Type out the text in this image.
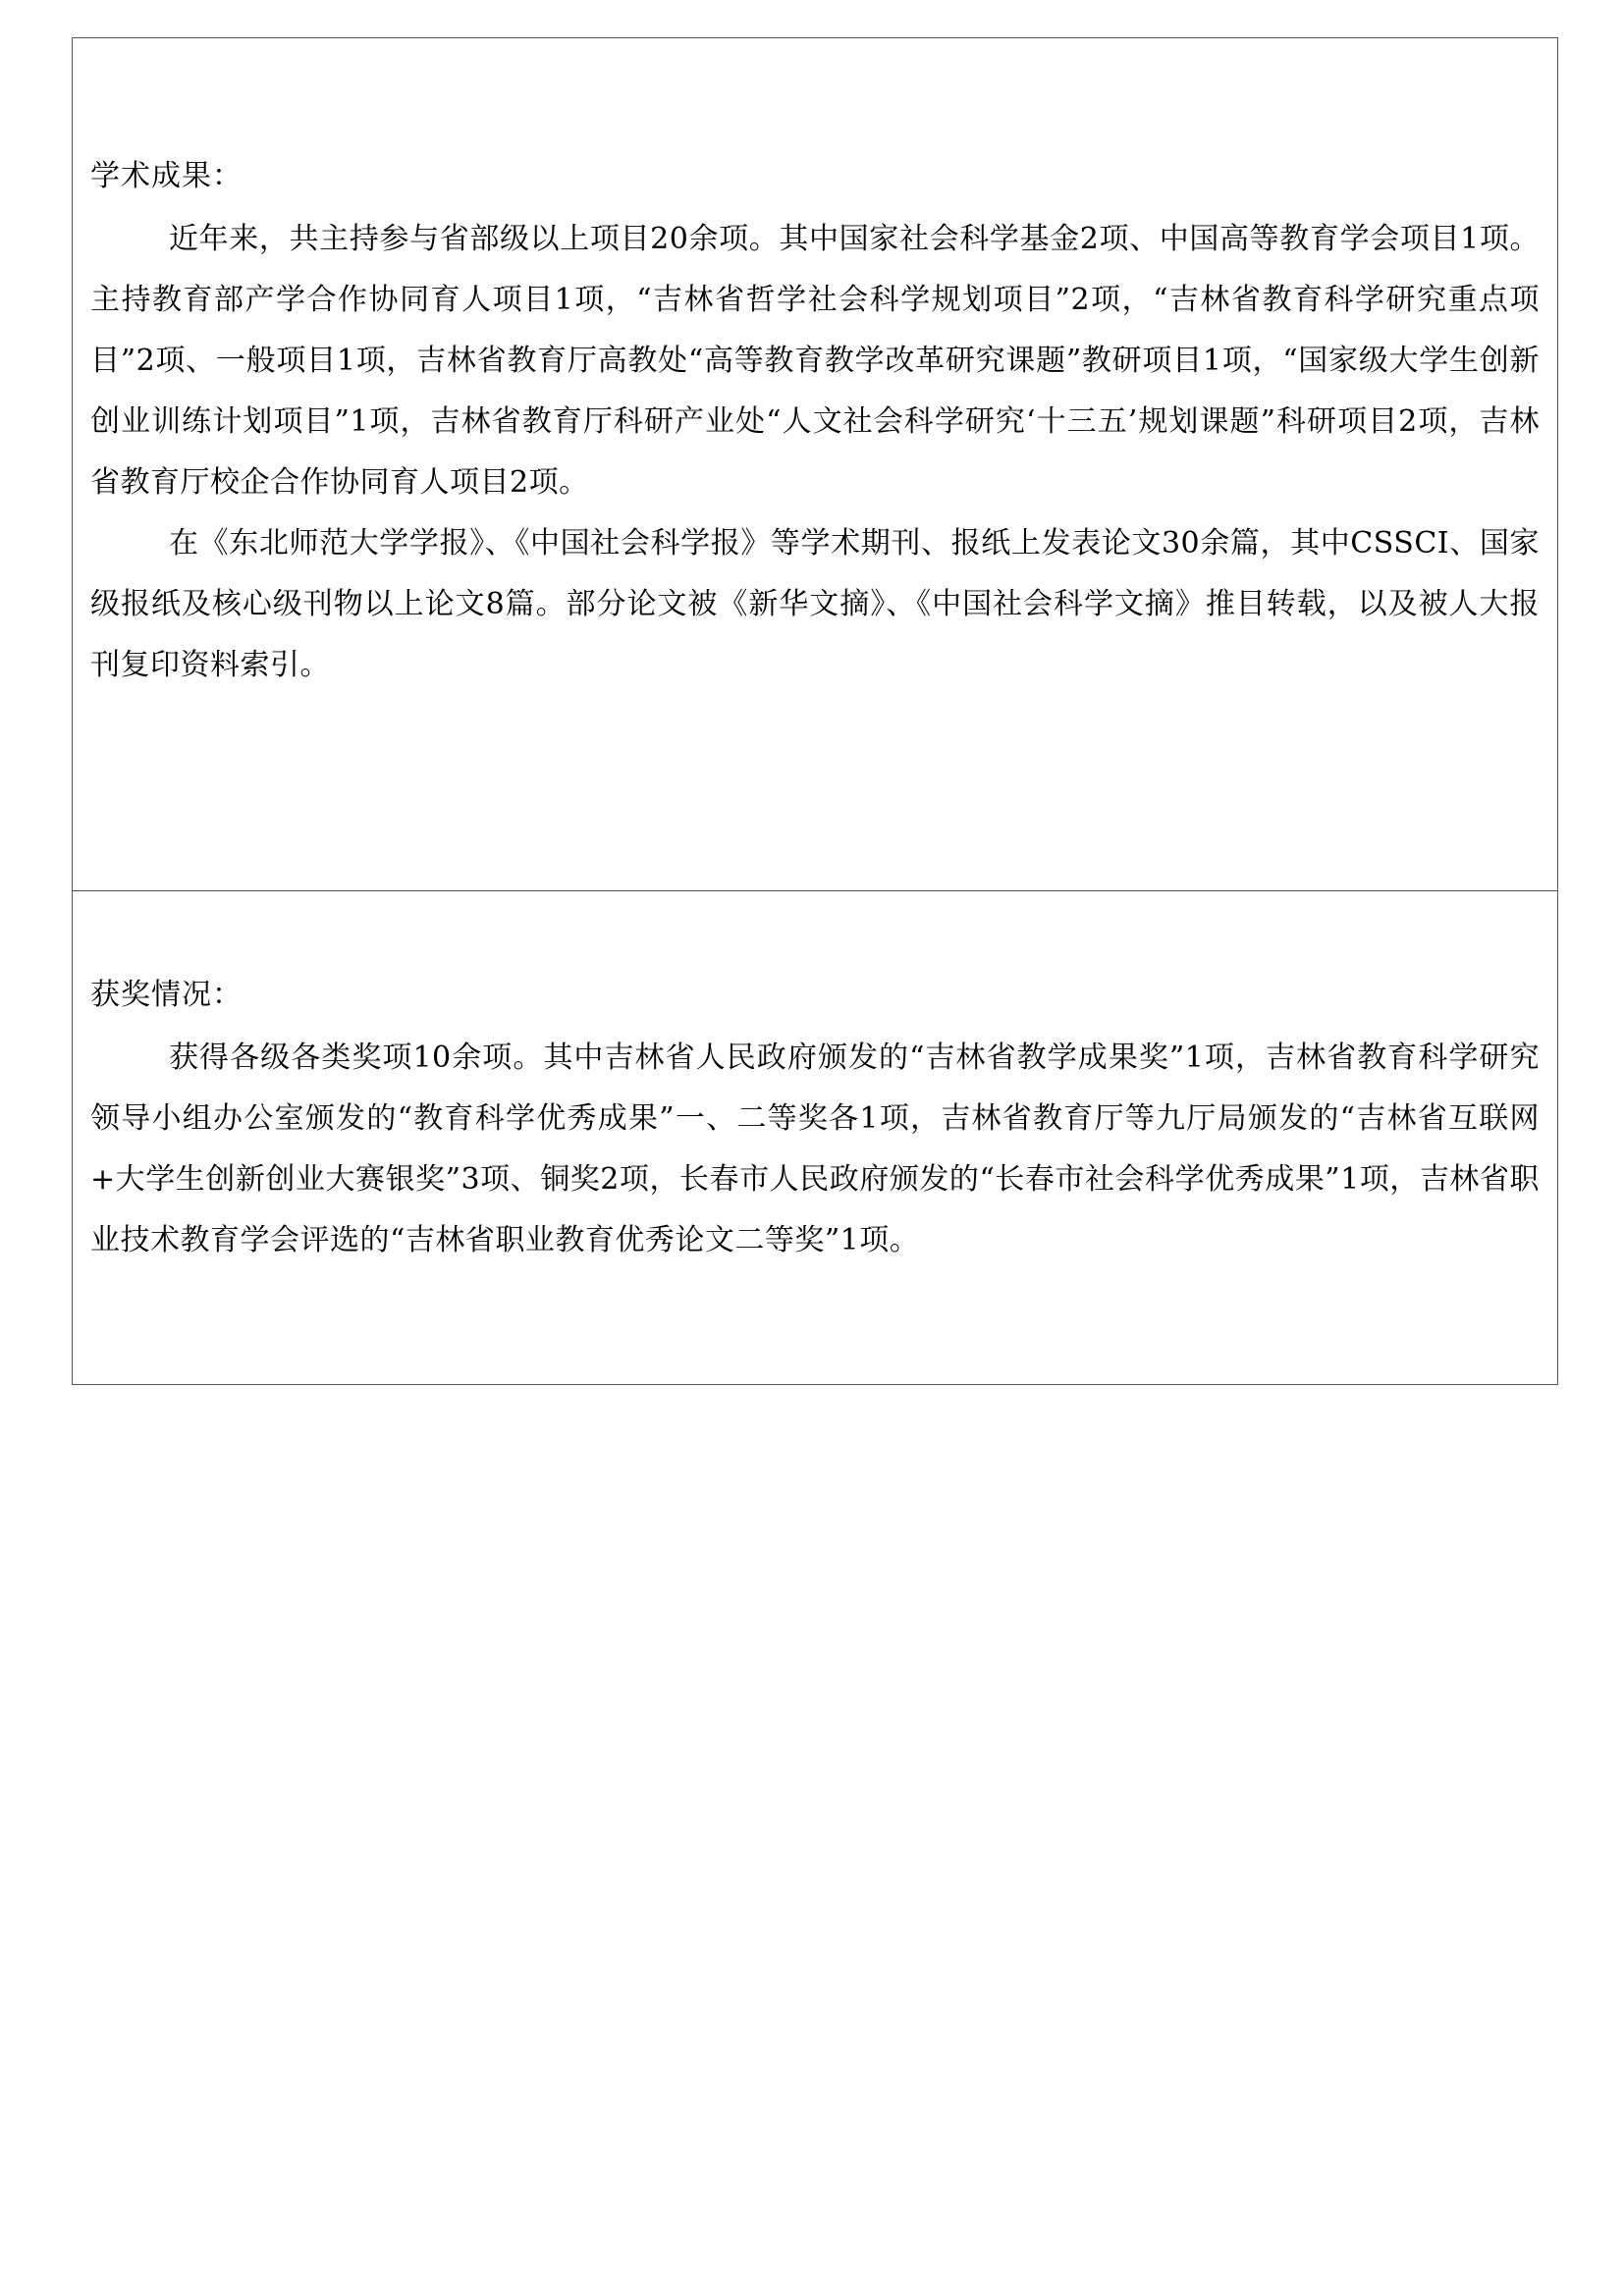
学术成果：

近年来，共主持参与省部级以上项目20余项。其中国家社会科学基金2项、中国高等教育学会项目1项。主持教育部产学合作协同育人项目1项，“吉林省哲学社会科学规划项目”2项，“吉林省教育科学研究重点项目”2项、一般项目1项，吉林省教育厅高教处“高等教育教学改革研究课题”教研项目1项，“国家级大学生创新创业训练计划项目”1项，吉林省教育厅科研产业处“人文社会科学研究‘十三五’规划课题”科研项目2项，吉林省教育厅校企合作协同育人项目2项。

在《东北师范大学学报》、《中国社会科学报》等学术期刊、报纸上发表论文30余篇，其中CSSCI、国家级报纸及核心级刊物以上论文8篇。部分论文被《新华文摘》、《中国社会科学文摘》推目转载，以及被人大报刊复印资料索引。

获奖情况：

获得各级各类奖项10余项。其中吉林省人民政府颁发的“吉林省教学成果奖”1项，吉林省教育科学研究领导小组办公室颁发的“教育科学优秀成果”一、二等奖各1项，吉林省教育厅等九厅局颁发的“吉林省互联网+大学生创新创业大赛银奖”3项、铜奖2项，长春市人民政府颁发的“长春市社会科学优秀成果”1项，吉林省职业技术教育学会评选的“吉林省职业教育优秀论文二等奖”1项。
